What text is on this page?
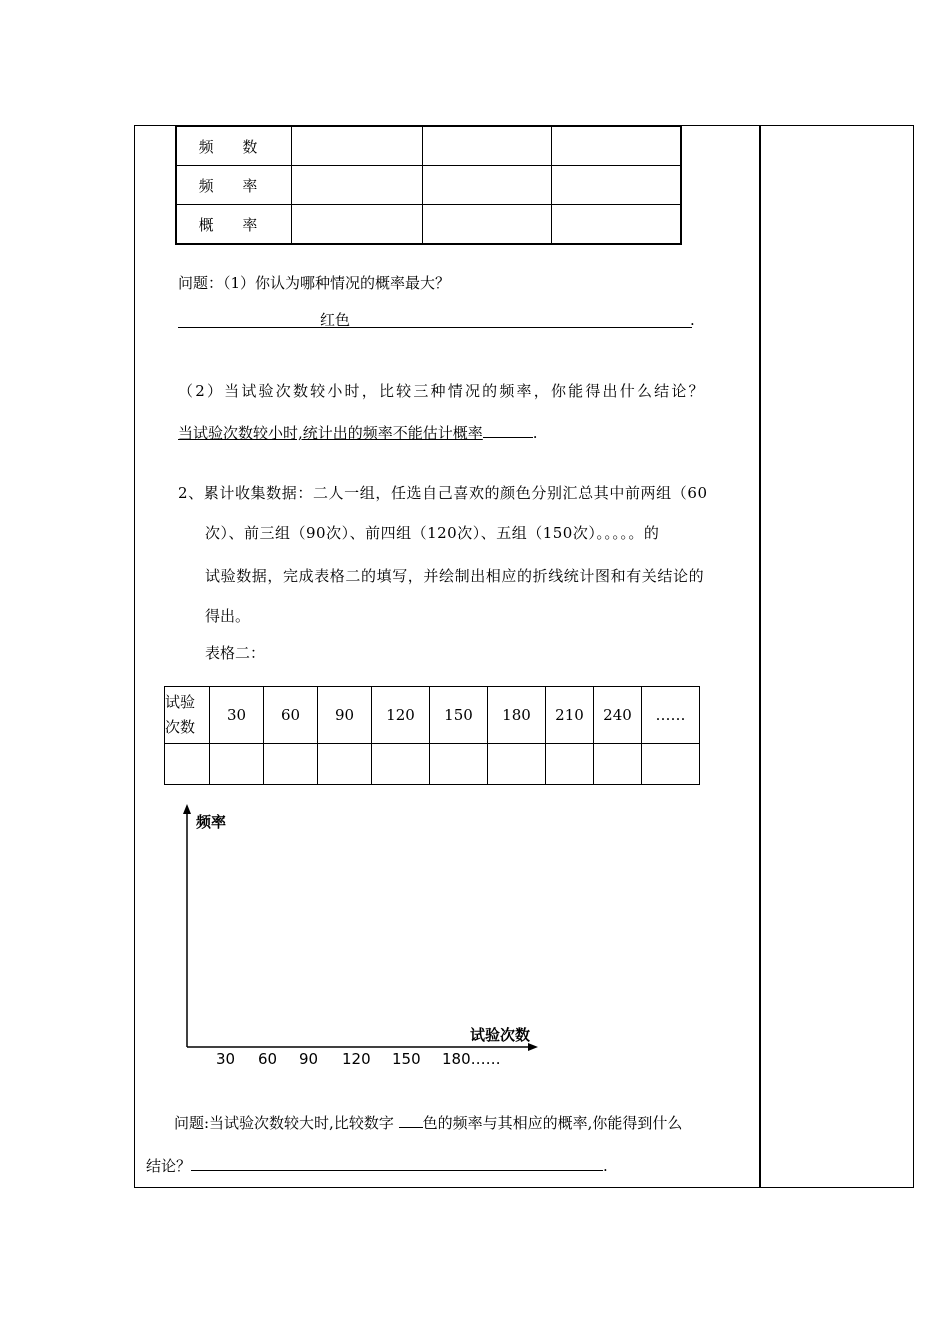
频 数			
频 率			
概 率			
问题：（1）你认为哪种情况的概率最大？
红色	.
（2）当试验次数较小时，比较三种情况的频率，你能得出什么结论？
当试验次数较小时,统计出的频率不能估计概率	.
2、累计收集数据：二人一组，任选自己喜欢的颜色分别汇总其中前两组（60
次）、前三组（90次）、前四组（120次）、五组（150次）。。。。。的
试验数据，完成表格二的填写，并绘制出相应的折线统计图和有关结论的
得出。
表格二：
试验次数	30	60	90	120	150	180	210	240	……

频率
试验次数
30 60 90 120 150 180……
问题:当试验次数较大时,比较数字 色的频率与其相应的概率,你能得到什么
结论？	.
